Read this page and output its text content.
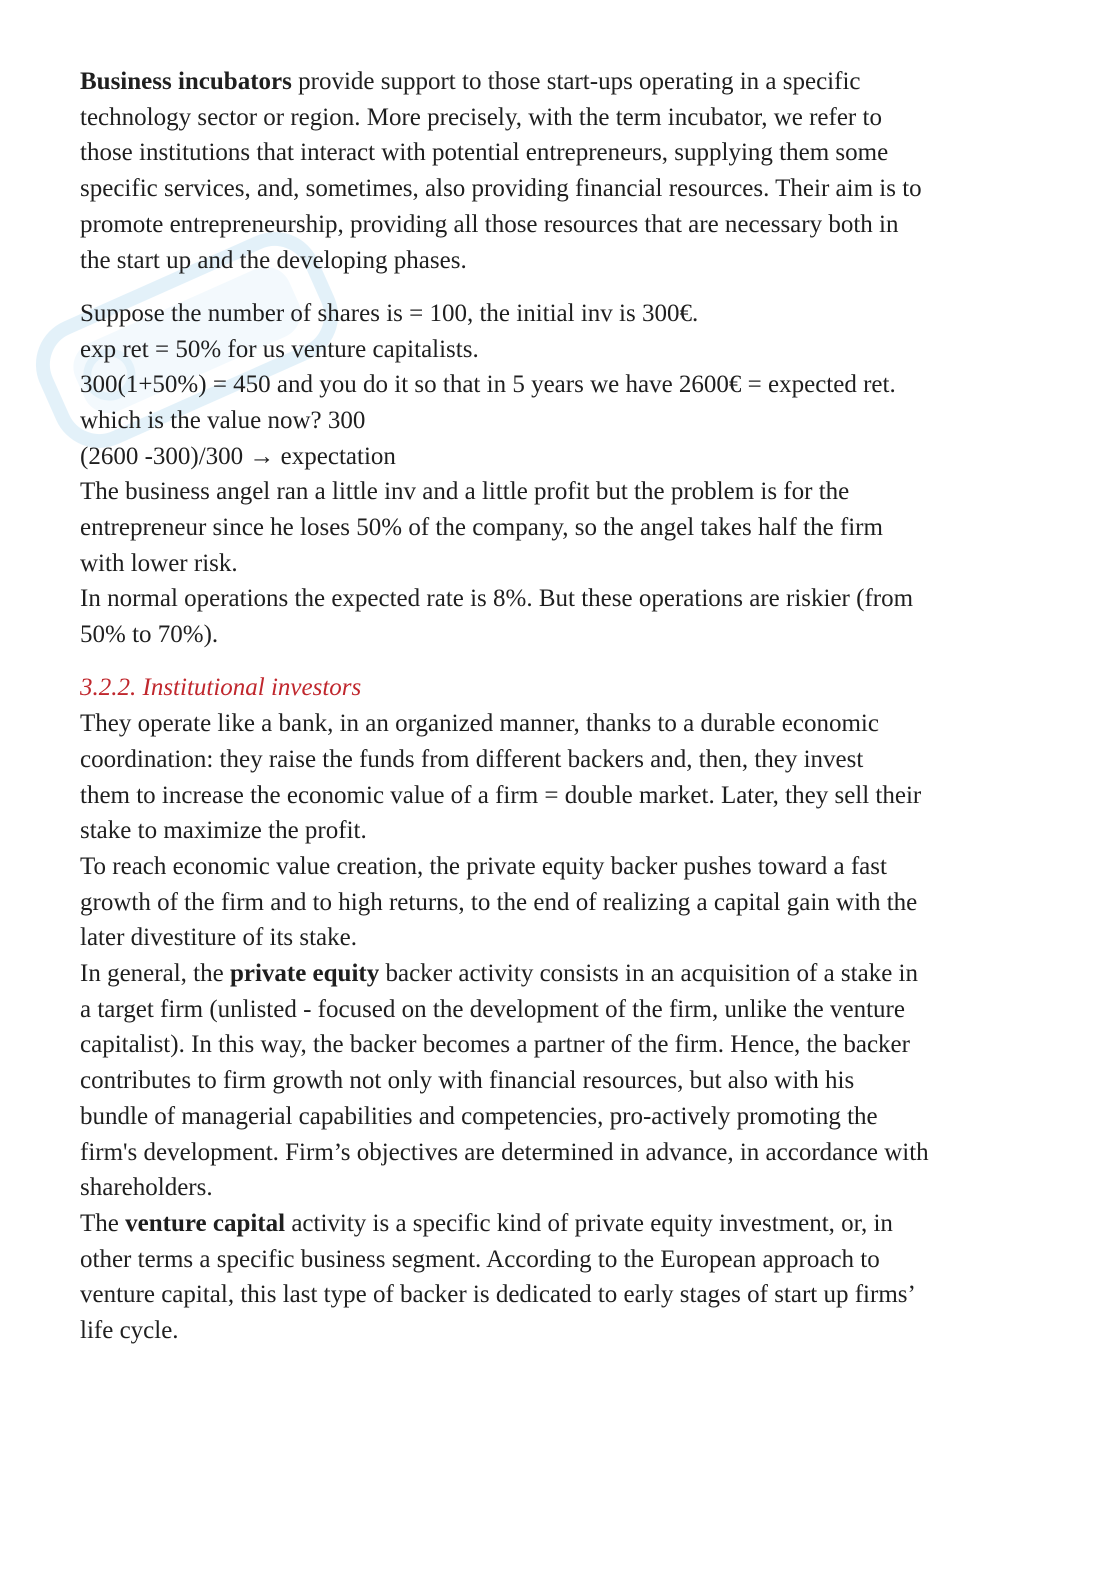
Business incubators provide support to those start-ups operating in a specific
technology sector or region. More precisely, with the term incubator, we refer to
those institutions that interact with potential entrepreneurs, supplying them some
specific services, and, sometimes, also providing financial resources. Their aim is to
promote entrepreneurship, providing all those resources that are necessary both in
the start up and the developing phases.
Suppose the number of shares is = 100, the initial inv is 300€.
exp ret = 50% for us venture capitalists.
300(1+50%) = 450 and you do it so that in 5 years we have 2600€ = expected ret.
which is the value now? 300
(2600 -300)/300 → expectation
The business angel ran a little inv and a little profit but the problem is for the
entrepreneur since he loses 50% of the company, so the angel takes half the firm
with lower risk.
In normal operations the expected rate is 8%. But these operations are riskier (from
50% to 70%).
3.2.2. Institutional investors
They operate like a bank, in an organized manner, thanks to a durable economic
coordination: they raise the funds from different backers and, then, they invest
them to increase the economic value of a firm = double market. Later, they sell their
stake to maximize the profit.
To reach economic value creation, the private equity backer pushes toward a fast
growth of the firm and to high returns, to the end of realizing a capital gain with the
later divestiture of its stake.
In general, the private equity backer activity consists in an acquisition of a stake in
a target firm (unlisted - focused on the development of the firm, unlike the venture
capitalist). In this way, the backer becomes a partner of the firm. Hence, the backer
contributes to firm growth not only with financial resources, but also with his
bundle of managerial capabilities and competencies, pro-actively promoting the
firm's development. Firm’s objectives are determined in advance, in accordance with
shareholders.
The venture capital activity is a specific kind of private equity investment, or, in
other terms a specific business segment. According to the European approach to
venture capital, this last type of backer is dedicated to early stages of start up firms’
life cycle.
